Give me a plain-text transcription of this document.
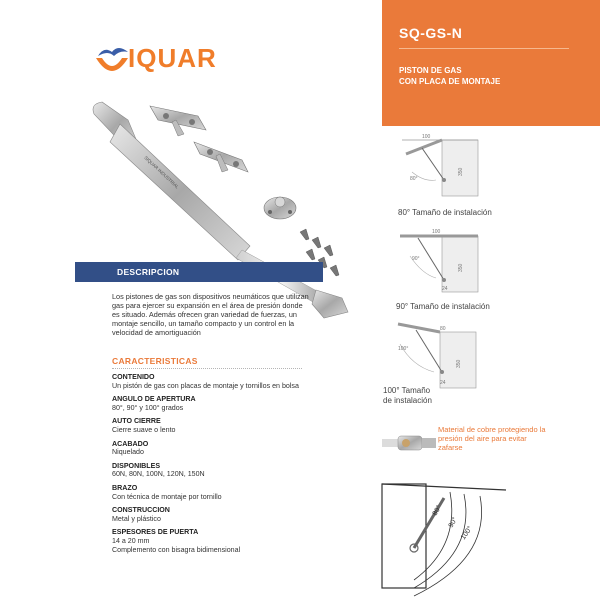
IQUAR
SQ-GS-N
PISTON DE GAS
CON PLACA DE MONTAJE
SIQUAR INDUSTRIAL
DESCRIPCION
Los pistones de gas son dispositivos neumáticos que utilizan gas para ejercer su expansión en el área de presión donde es situado. Además ofrecen gran variedad de fuerzas, un montaje sencillo, un tamaño compacto y un control en la velocidad de amortiguación
CARACTERISTICAS
CONTENIDO
Un pistón de gas con placas de montaje y tornillos en bolsa
ANGULO DE APERTURA
80°, 90° y 100° grados
AUTO CIERRE
Cierre suave o lento
ACABADO
Niquelado
DISPONIBLES
60N, 80N, 100N, 120N, 150N
BRAZO
Con técnica de montaje por tornillo
CONSTRUCCION
Metal y plástico
ESPESORES DE PUERTA
14 a 20 mm
Complemento con bisagra bidimensional
100
80°
350
80° Tamaño de instalación
100
90°
350
24
90° Tamaño de instalación
80
100°
350
24
100° Tamaño
de instalación
Material de cobre protegiendo la presión del aire para evitar zafarse
80°
90°
100°
